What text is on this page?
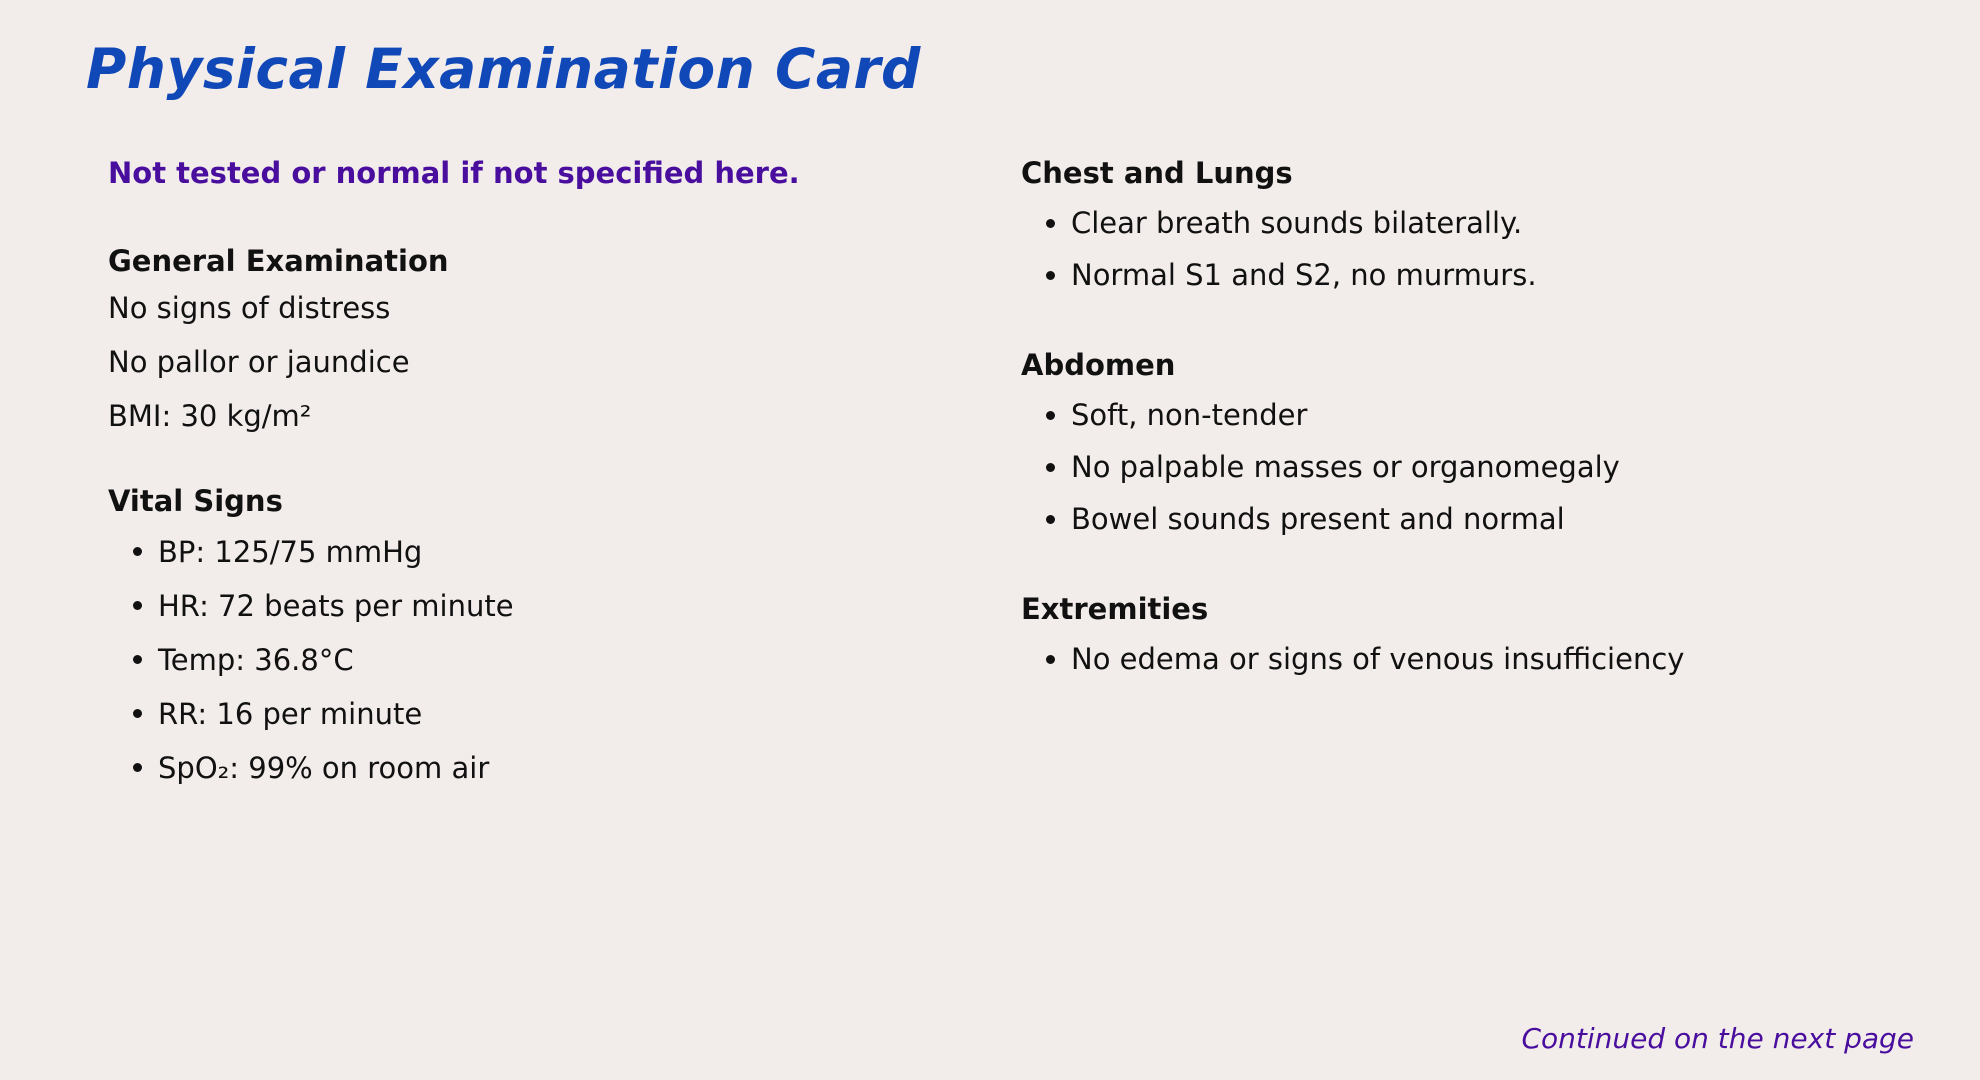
Physical Examination Card

Not tested or normal if not specified here.

General Examination

No signs of distress

No pallor or jaundice

BMI: 30 kg/m²

Vital Signs
BP: 125/75 mmHg
HR: 72 beats per minute
Temp: 36.8°C
RR: 16 per minute
SpO₂: 99% on room air
Chest and Lungs
Clear breath sounds bilaterally.
Normal S1 and S2, no murmurs.
Abdomen
Soft, non-tender
No palpable masses or organomegaly
Bowel sounds present and normal
Extremities
No edema or signs of venous insufficiency
Continued on the next page
